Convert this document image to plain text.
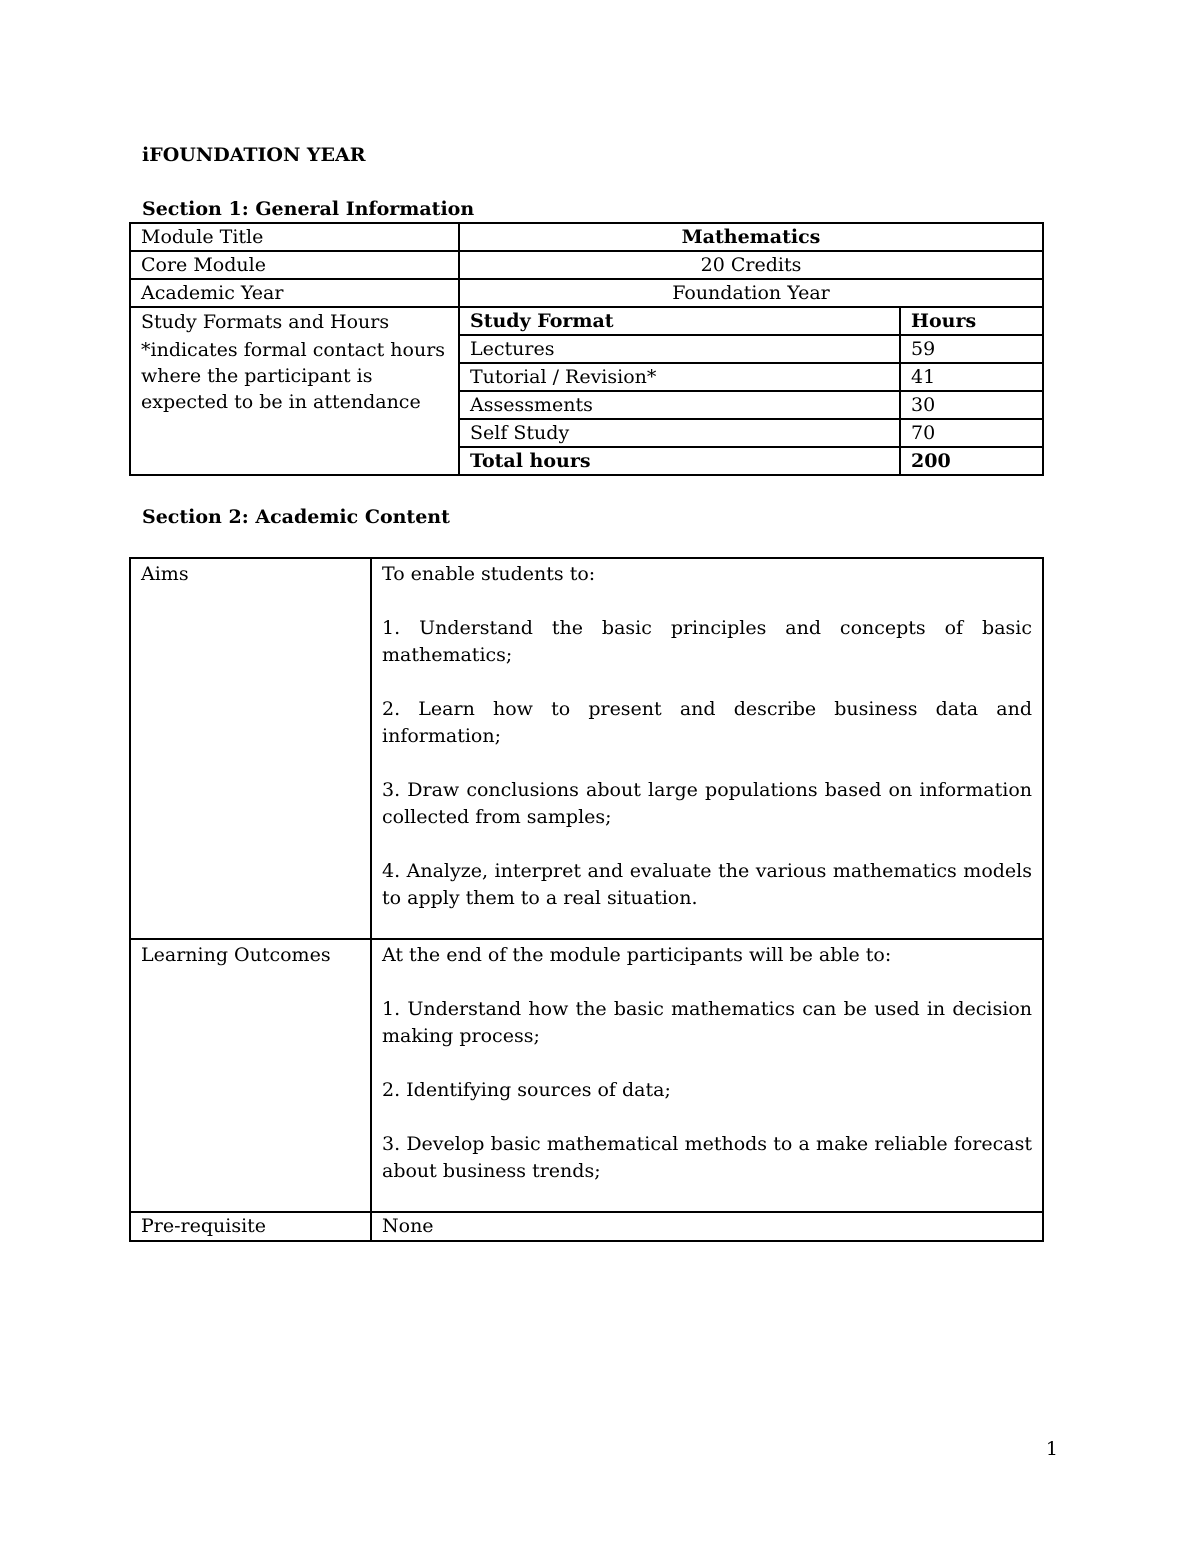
iFOUNDATION YEAR
Section 1: General Information
Module Title	Mathematics
Core Module	20 Credits
Academic Year	Foundation Year

Study Formats and Hours
*indicates formal contact hours
where the participant is
expected to be in attendance

Study Format	Hours
Lectures	59
Tutorial / Revision*	41
Assessments	30
Self Study	70
Total hours	200
Section 2: Academic Content
Aims	To enable students to:

1. Understand the basic principles and concepts of basic mathematics;

2. Learn how to present and describe business data and information;

3. Draw conclusions about large populations based on information collected from samples;

4. Analyze, interpret and evaluate the various mathematics models to apply them to a real situation.

Learning Outcomes	At the end of the module participants will be able to:

1. Understand how the basic mathematics can be used in decision making process;

2. Identifying sources of data;

3. Develop basic mathematical methods to a make reliable forecast about business trends;

Pre-requisite	None

1
